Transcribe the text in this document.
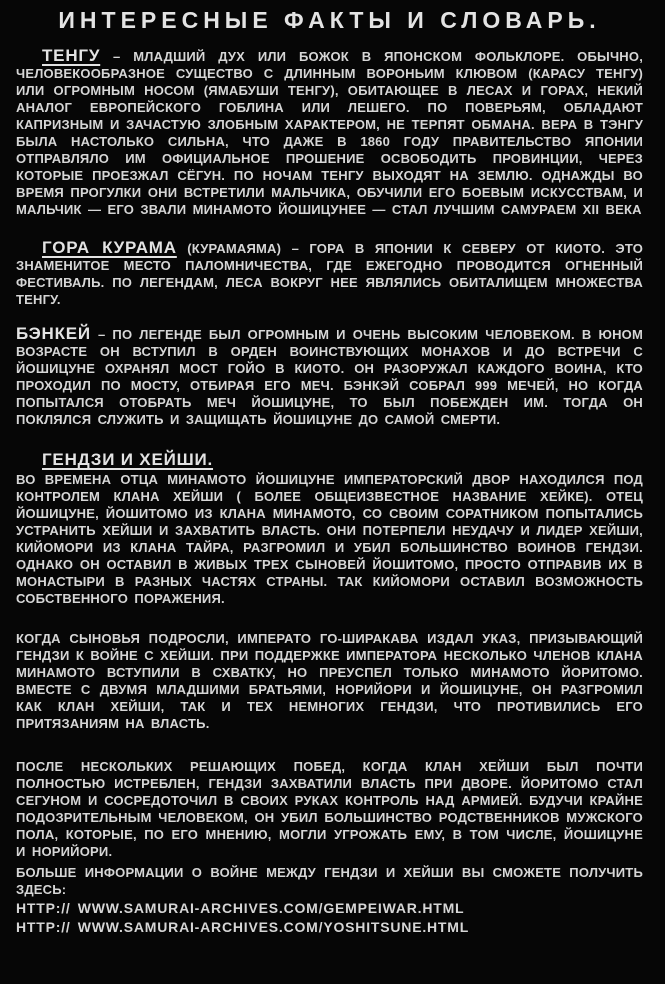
ИНТЕРЕСНЫЕ ФАКТЫ И СЛОВАРЬ.

ТЕНГУ – МЛАДШИЙ ДУХ ИЛИ БОЖОК В ЯПОНСКОМ ФОЛЬКЛОРЕ. ОБЫЧНО, ЧЕЛОВЕКООБРАЗНОЕ СУЩЕСТВО С ДЛИННЫМ ВОРОНЬИМ КЛЮВОМ (КАРАСУ ТЕНГУ) ИЛИ ОГРОМНЫМ НОСОМ (ЯМАБУШИ ТЕНГУ), ОБИТАЮЩЕЕ В ЛЕСАХ И ГОРАХ, НЕКИЙ АНАЛОГ ЕВРОПЕЙСКОГО ГОБЛИНА ИЛИ ЛЕШЕГО. ПО ПОВЕРЬЯМ, ОБЛАДАЮТ КАПРИЗНЫМ И ЗАЧАСТУЮ ЗЛОБНЫМ ХАРАКТЕРОМ, НЕ ТЕРПЯТ ОБМАНА. ВЕРА В ТЭНГУ БЫЛА НАСТОЛЬКО СИЛЬНА, ЧТО ДАЖЕ В 1860 ГОДУ ПРАВИТЕЛЬСТВО ЯПОНИИ ОТПРАВЛЯЛО ИМ ОФИЦИАЛЬНОЕ ПРОШЕНИЕ ОСВОБОДИТЬ ПРОВИНЦИИ, ЧЕРЕЗ КОТОРЫЕ ПРОЕЗЖАЛ СЁГУН. ПО НОЧАМ ТЕНГУ ВЫХОДЯТ НА ЗЕМЛЮ. ОДНАЖДЫ ВО ВРЕМЯ ПРОГУЛКИ ОНИ ВСТРЕТИЛИ МАЛЬЧИКА, ОБУЧИЛИ ЕГО БОЕВЫМ ИСКУССТВАМ, И МАЛЬЧИК — ЕГО ЗВАЛИ МИНАМОТО ЙОШИЦУНЕЕ — СТАЛ ЛУЧШИМ САМУРАЕМ XII ВЕКА

ГОРА КУРАМА (КУРАМАЯМА) – ГОРА В ЯПОНИИ К СЕВЕРУ ОТ КИОТО. ЭТО ЗНАМЕНИТОЕ МЕСТО ПАЛОМНИЧЕСТВА, ГДЕ ЕЖЕГОДНО ПРОВОДИТСЯ ОГНЕННЫЙ ФЕСТИВАЛЬ. ПО ЛЕГЕНДАМ, ЛЕСА ВОКРУГ НЕЕ ЯВЛЯЛИСЬ ОБИТАЛИЩЕМ МНОЖЕСТВА ТЕНГУ.

БЭНКЕЙ – ПО ЛЕГЕНДЕ БЫЛ ОГРОМНЫМ И ОЧЕНЬ ВЫСОКИМ ЧЕЛОВЕКОМ. В ЮНОМ ВОЗРАСТЕ ОН ВСТУПИЛ В ОРДЕН ВОИНСТВУЮЩИХ МОНАХОВ И ДО ВСТРЕЧИ С ЙОШИЦУНЕ ОХРАНЯЛ МОСТ ГОЙО В КИОТО. ОН РАЗОРУЖАЛ КАЖДОГО ВОИНА, КТО ПРОХОДИЛ ПО МОСТУ, ОТБИРАЯ ЕГО МЕЧ. БЭНКЭЙ СОБРАЛ 999 МЕЧЕЙ, НО КОГДА ПОПЫТАЛСЯ ОТОБРАТЬ МЕЧ ЙОШИЦУНЕ, ТО БЫЛ ПОБЕЖДЕН ИМ. ТОГДА ОН ПОКЛЯЛСЯ СЛУЖИТЬ И ЗАЩИЩАТЬ ЙОШИЦУНЕ ДО САМОЙ СМЕРТИ.

ГЕНДЗИ И ХЕЙШИ.

ВО ВРЕМЕНА ОТЦА МИНАМОТО ЙОШИЦУНЕ ИМПЕРАТОРСКИЙ ДВОР НАХОДИЛСЯ ПОД КОНТРОЛЕМ КЛАНА ХЕЙШИ ( БОЛЕЕ ОБЩЕИЗВЕСТНОЕ НАЗВАНИЕ ХЕЙКЕ). ОТЕЦ ЙОШИЦУНЕ, ЙОШИТОМО ИЗ КЛАНА МИНАМОТО, СО СВОИМ СОРАТНИКОМ ПОПЫТАЛИСЬ УСТРАНИТЬ ХЕЙШИ И ЗАХВАТИТЬ ВЛАСТЬ. ОНИ ПОТЕРПЕЛИ НЕУДАЧУ И ЛИДЕР ХЕЙШИ, КИЙОМОРИ ИЗ КЛАНА ТАЙРА, РАЗГРОМИЛ И УБИЛ БОЛЬШИНСТВО ВОИНОВ ГЕНДЗИ. ОДНАКО ОН ОСТАВИЛ В ЖИВЫХ ТРЕХ СЫНОВЕЙ ЙОШИТОМО, ПРОСТО ОТПРАВИВ ИХ В МОНАСТЫРИ В РАЗНЫХ ЧАСТЯХ СТРАНЫ. ТАК КИЙОМОРИ ОСТАВИЛ ВОЗМОЖНОСТЬ СОБСТВЕННОГО ПОРАЖЕНИЯ.

КОГДА СЫНОВЬЯ ПОДРОСЛИ, ИМПЕРАТО ГО-ШИРАКАВА ИЗДАЛ УКАЗ, ПРИЗЫВАЮЩИЙ ГЕНДЗИ К ВОЙНЕ С ХЕЙШИ. ПРИ ПОДДЕРЖКЕ ИМПЕРАТОРА НЕСКОЛЬКО ЧЛЕНОВ КЛАНА МИНАМОТО ВСТУПИЛИ В СХВАТКУ, НО ПРЕУСПЕЛ ТОЛЬКО МИНАМОТО ЙОРИТОМО. ВМЕСТЕ С ДВУМЯ МЛАДШИМИ БРАТЬЯМИ, НОРИЙОРИ И ЙОШИЦУНЕ, ОН РАЗГРОМИЛ КАК КЛАН ХЕЙШИ, ТАК И ТЕХ НЕМНОГИХ ГЕНДЗИ, ЧТО ПРОТИВИЛИСЬ ЕГО ПРИТЯЗАНИЯМ НА ВЛАСТЬ.

ПОСЛЕ НЕСКОЛЬКИХ РЕШАЮЩИХ ПОБЕД, КОГДА КЛАН ХЕЙШИ БЫЛ ПОЧТИ ПОЛНОСТЬЮ ИСТРЕБЛЕН, ГЕНДЗИ ЗАХВАТИЛИ ВЛАСТЬ ПРИ ДВОРЕ. ЙОРИТОМО СТАЛ СЕГУНОМ И СОСРЕДОТОЧИЛ В СВОИХ РУКАХ КОНТРОЛЬ НАД АРМИЕЙ. БУДУЧИ КРАЙНЕ ПОДОЗРИТЕЛЬНЫМ ЧЕЛОВЕКОМ, ОН УБИЛ БОЛЬШИНСТВО РОДСТВЕННИКОВ МУЖСКОГО ПОЛА, КОТОРЫЕ, ПО ЕГО МНЕНИЮ, МОГЛИ УГРОЖАТЬ ЕМУ, В ТОМ ЧИСЛЕ, ЙОШИЦУНЕ И НОРИЙОРИ.

БОЛЬШЕ ИНФОРМАЦИИ О ВОЙНЕ МЕЖДУ ГЕНДЗИ И ХЕЙШИ ВЫ СМОЖЕТЕ ПОЛУЧИТЬ ЗДЕСЬ:

HTTP:// WWW.SAMURAI-ARCHIVES.COM/GEMPEIWAR.HTML
HTTP:// WWW.SAMURAI-ARCHIVES.COM/YOSHITSUNE.HTML
